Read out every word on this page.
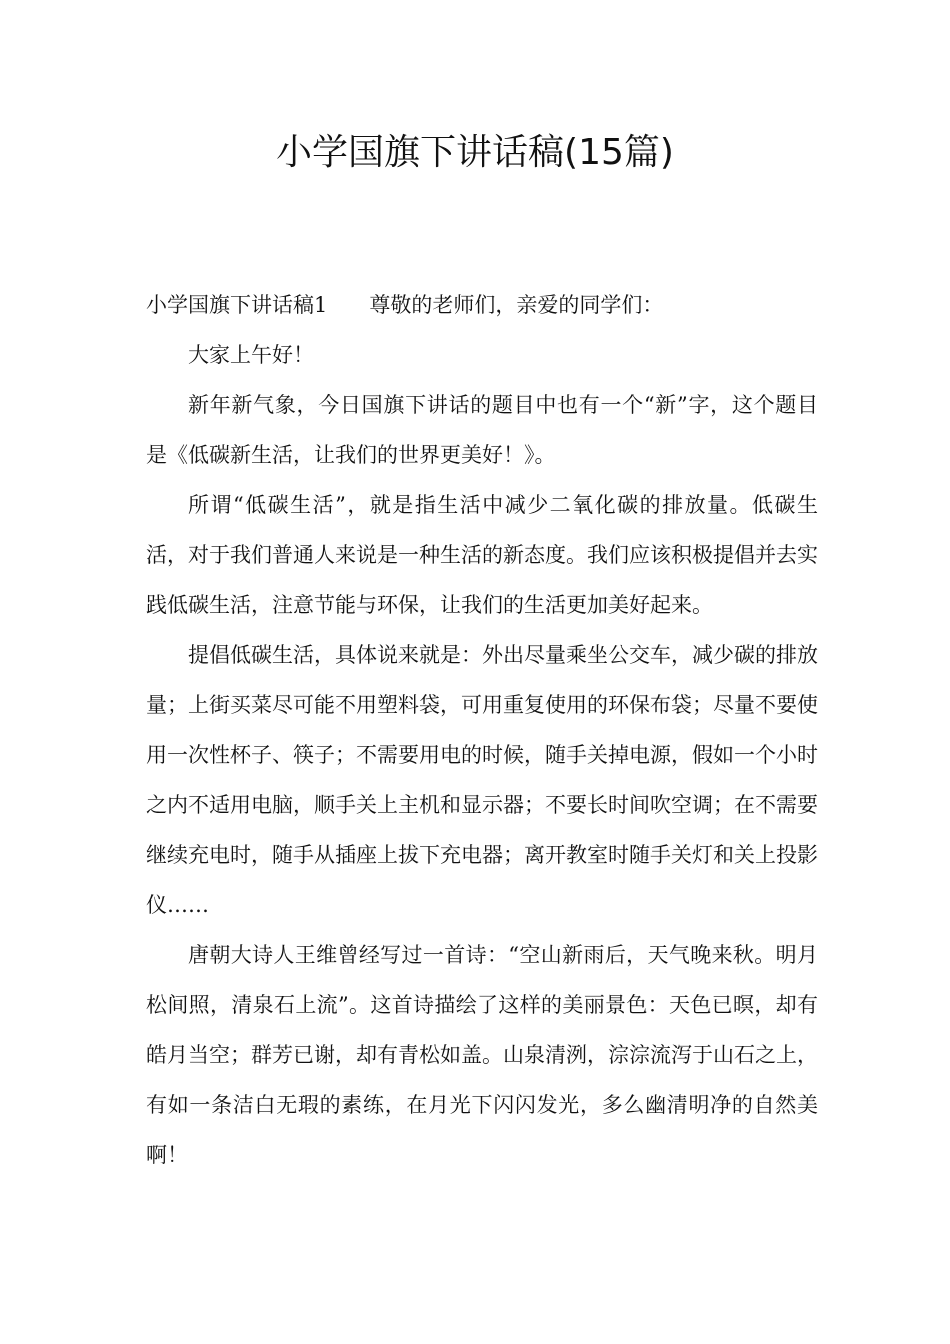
小学国旗下讲话稿(15篇)

小学国旗下讲话稿1 尊敬的老师们，亲爱的同学们：

大家上午好！

新年新气象，今日国旗下讲话的题目中也有一个“新”字，这个题目是《低碳新生活，让我们的世界更美好！》。

所谓“低碳生活”，就是指生活中减少二氧化碳的排放量。低碳生活，对于我们普通人来说是一种生活的新态度。我们应该积极提倡并去实践低碳生活，注意节能与环保，让我们的生活更加美好起来。

提倡低碳生活，具体说来就是：外出尽量乘坐公交车，减少碳的排放量；上街买菜尽可能不用塑料袋，可用重复使用的环保布袋；尽量不要使用一次性杯子、筷子；不需要用电的时候，随手关掉电源，假如一个小时之内不适用电脑，顺手关上主机和显示器；不要长时间吹空调；在不需要继续充电时，随手从插座上拔下充电器；离开教室时随手关灯和关上投影仪……

唐朝大诗人王维曾经写过一首诗：“空山新雨后，天气晚来秋。明月松间照，清泉石上流”。这首诗描绘了这样的美丽景色：天色已暝，却有皓月当空；群芳已谢，却有青松如盖。山泉清洌，淙淙流泻于山石之上，有如一条洁白无瑕的素练，在月光下闪闪发光，多么幽清明净的自然美啊！
